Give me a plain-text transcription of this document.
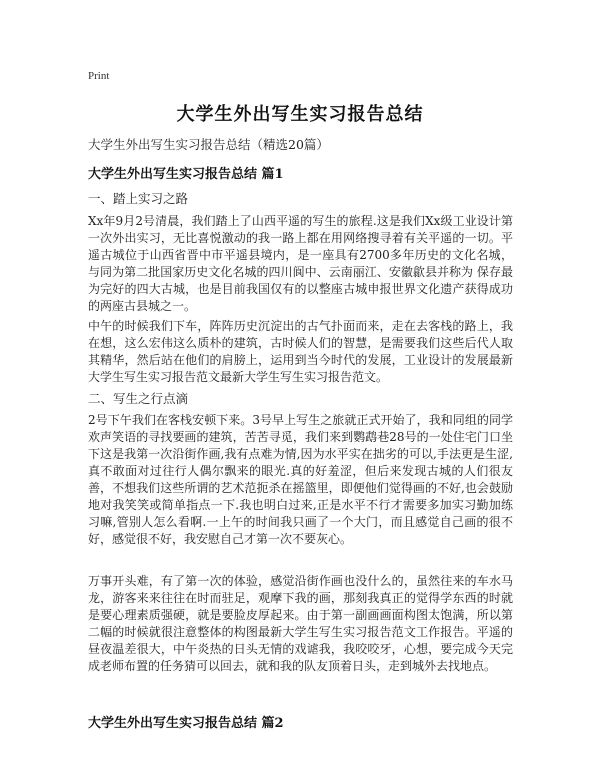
Print
大学生外出写生实习报告总结
大学生外出写生实习报告总结（精选20篇）
大学生外出写生实习报告总结 篇1
一、踏上实习之路

Xx年9月2号清晨，我们踏上了山西平遥的写生的旅程.这是我们Xx级工业设计第一次外出实习，无比喜悦激动的我一路上都在用网络搜寻着有关平遥的一切。平遥古城位于山西省晋中市平遥县境内，是一座具有2700多年历史的文化名城，与同为第二批国家历史文化名城的四川阆中、云南丽江、安徽歙县并称为 保存最为完好的四大古城，也是目前我国仅有的以整座古城申报世界文化遗产获得成功的两座古县城之一。

中午的时候我们下车，阵阵历史沉淀出的古气扑面而来，走在去客栈的路上，我在想，这么宏伟这么质朴的建筑，古时候人们的智慧，是需要我们这些后代人取其精华，然后站在他们的肩膀上，运用到当今时代的发展，工业设计的发展最新大学生写生实习报告范文最新大学生写生实习报告范文。

二、写生之行点滴

2号下午我们在客栈安顿下来。3号早上写生之旅就正式开始了，我和同组的同学欢声笑语的寻找要画的建筑，苦苦寻觅，我们来到鹦鹉巷28号的一处住宅门口坐下这是我第一次沿街作画,我有点难为情,因为水平实在拙劣的可以,手法更是生涩,真不敢面对过往行人偶尔飘来的眼光.真的好羞涩，但后来发现古城的人们很友善，不想我们这些所谓的艺术范扼杀在摇篮里，即便他们觉得画的不好,也会鼓励地对我笑笑或简单指点一下.我也明白过来,正是水平不行才需要多加实习勤加练习嘛,管别人怎么看啊.一上午的时间我只画了一个大门，而且感觉自己画的很不好，感觉很不好，我安慰自己才第一次不要灰心。

万事开头难，有了第一次的体验，感觉沿街作画也没什么的，虽然往来的车水马龙，游客来来往往在时而驻足，观摩下我的画，那刻我真正的觉得学东西的时就是要心理素质强硬，就是要脸皮厚起来。由于第一副画画面构图太饱满，所以第二幅的时候就很注意整体的构图最新大学生写生实习报告范文工作报告。平遥的昼夜温差很大，中午炎热的日头无情的戏谑我，我咬咬牙，心想，要完成今天完成老师布置的任务猜可以回去，就和我的队友顶着日头，走到城外去找地点。

大学生外出写生实习报告总结 篇2
